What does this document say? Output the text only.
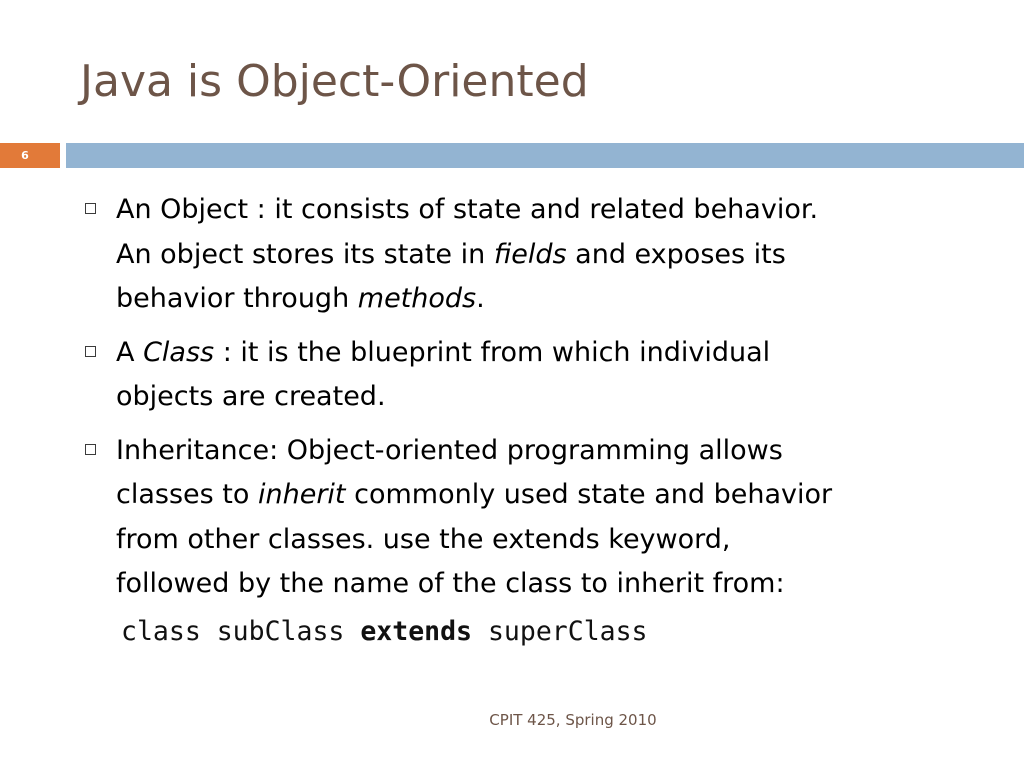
Java is Object-Oriented
6
An Object : it consists of state and related behavior.
An object stores its state in fields and exposes its
behavior through methods.
A Class : it is the blueprint from which individual
objects are created.
Inheritance: Object-oriented programming allows
classes to inherit commonly used state and behavior
from other classes. use the extends keyword,
followed by the name of the class to inherit from:
class subClass extends superClass
CPIT 425, Spring 2010
